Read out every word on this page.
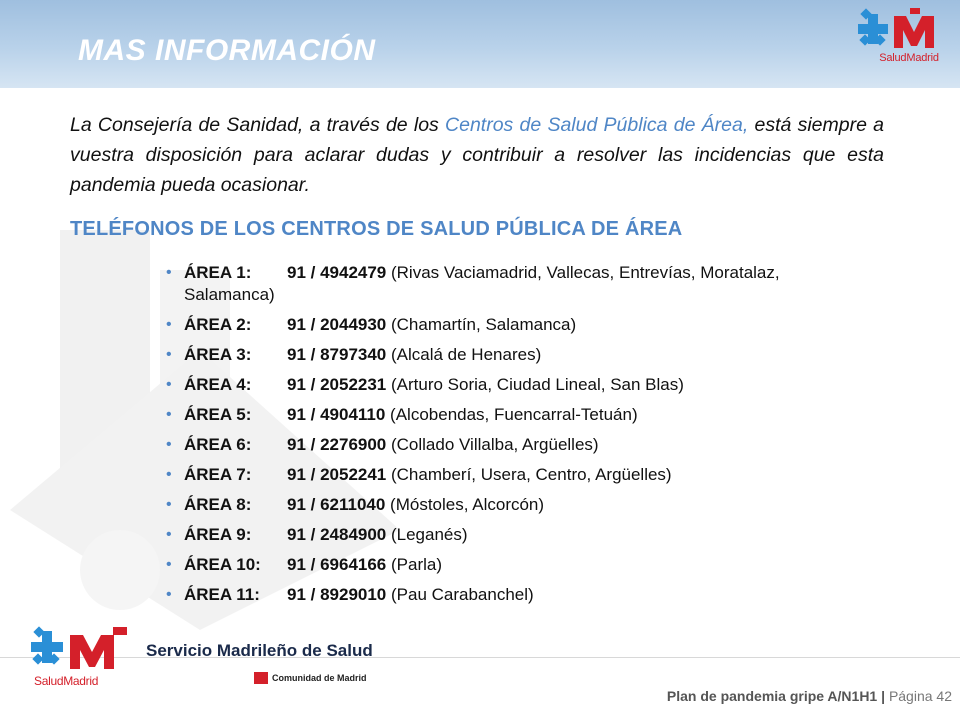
MAS INFORMACIÓN	SaludMadrid

La Consejería de Sanidad, a través de los Centros de Salud Pública de Área, está siempre a vuestra disposición para aclarar dudas y contribuir a resolver las incidencias que esta pandemia pueda ocasionar.

TELÉFONOS DE LOS CENTROS DE SALUD PÚBLICA DE ÁREA
• ÁREA 1: 91 / 4942479 (Rivas Vaciamadrid, Vallecas, Entrevías, Moratalaz, Salamanca)
• ÁREA 2: 91 / 2044930 (Chamartín, Salamanca)
• ÁREA 3: 91 / 8797340 (Alcalá de Henares)
• ÁREA 4: 91 / 2052231 (Arturo Soria, Ciudad Lineal, San Blas)
• ÁREA 5: 91 / 4904110 (Alcobendas, Fuencarral-Tetuán)
• ÁREA 6: 91 / 2276900 (Collado Villalba, Argüelles)
• ÁREA 7: 91 / 2052241 (Chamberí, Usera, Centro, Argüelles)
• ÁREA 8: 91 / 6211040 (Móstoles, Alcorcón)
• ÁREA 9: 91 / 2484900 (Leganés)
• ÁREA 10: 91 / 6964166 (Parla)
• ÁREA 11: 91 / 8929010 (Pau Carabanchel)
SaludMadrid
Servicio Madrileño de Salud
Comunidad de Madrid
Plan de pandemia gripe A/N1H1 | Página 42
